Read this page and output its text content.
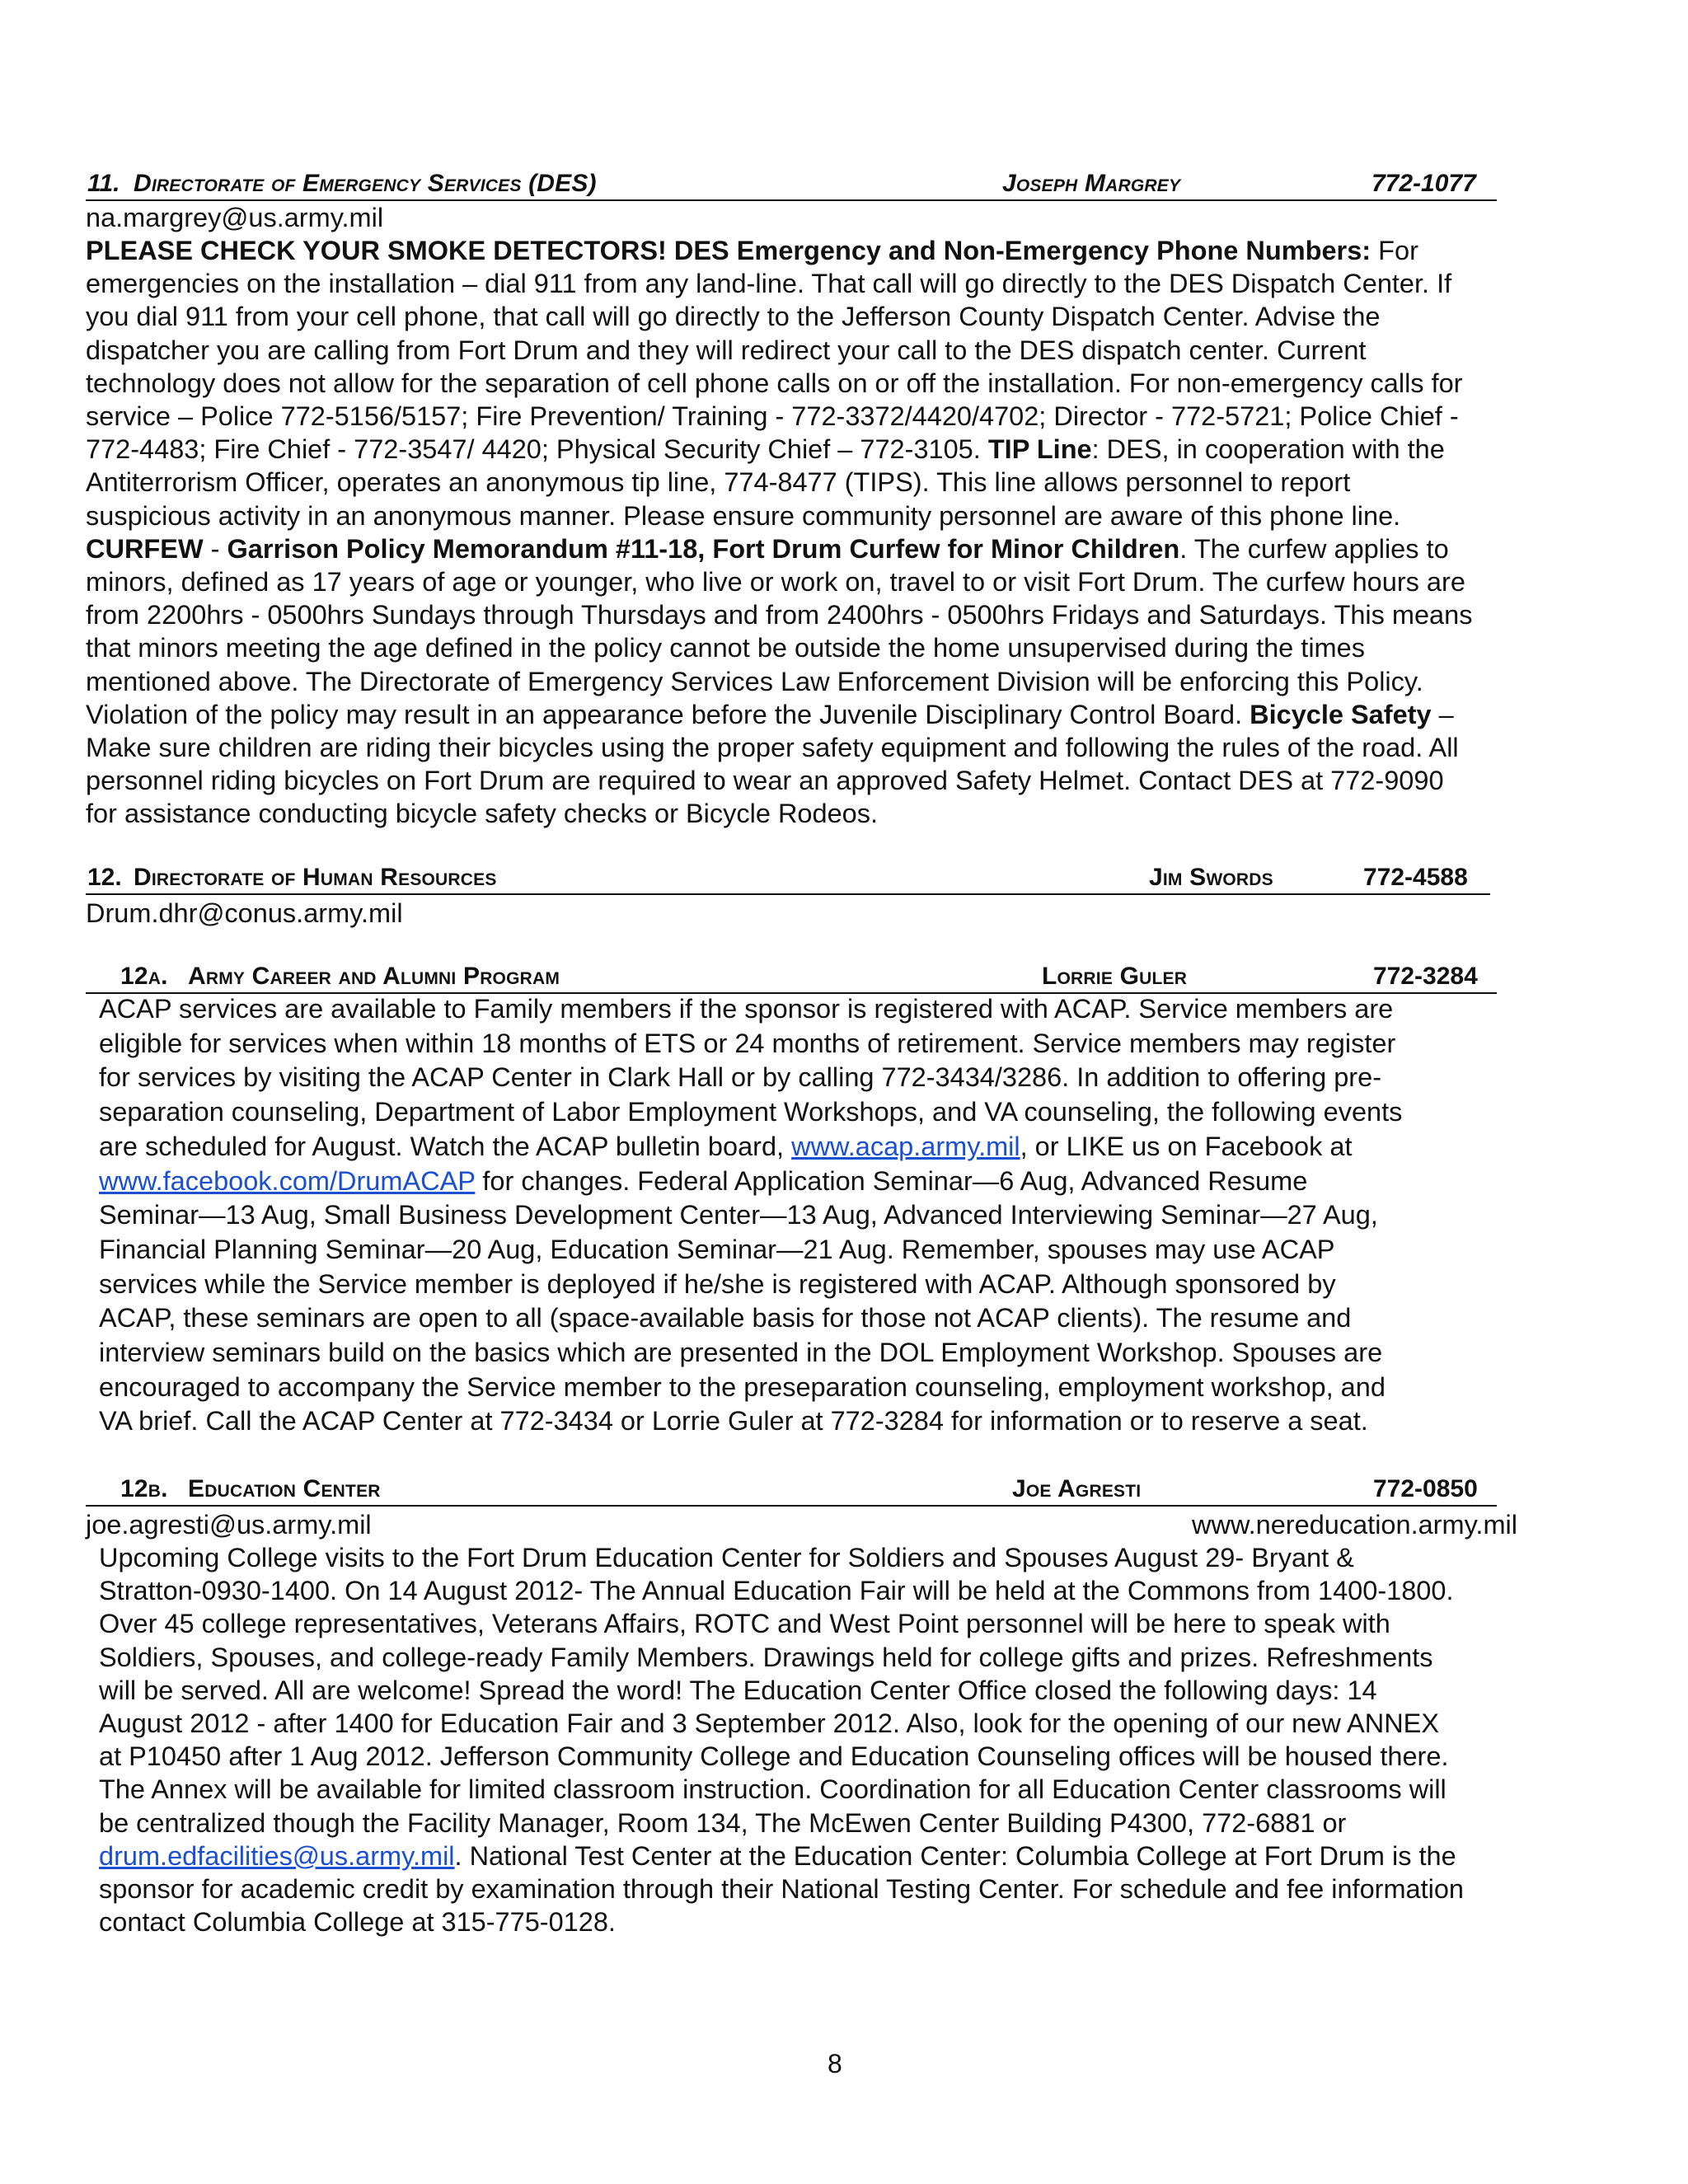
11. Directorate of Emergency Services (DES)	Joseph Margrey	772-1077
na.margrey@us.army.mil
PLEASE CHECK YOUR SMOKE DETECTORS! DES Emergency and Non-Emergency Phone Numbers: For
emergencies on the installation – dial 911 from any land-line. That call will go directly to the DES Dispatch Center. If
you dial 911 from your cell phone, that call will go directly to the Jefferson County Dispatch Center. Advise the
dispatcher you are calling from Fort Drum and they will redirect your call to the DES dispatch center. Current
technology does not allow for the separation of cell phone calls on or off the installation. For non-emergency calls for
service – Police 772-5156/5157; Fire Prevention/ Training - 772-3372/4420/4702; Director - 772-5721; Police Chief -
772-4483; Fire Chief - 772-3547/ 4420; Physical Security Chief – 772-3105. TIP Line: DES, in cooperation with the
Antiterrorism Officer, operates an anonymous tip line, 774-8477 (TIPS). This line allows personnel to report
suspicious activity in an anonymous manner. Please ensure community personnel are aware of this phone line.
CURFEW - Garrison Policy Memorandum #11-18, Fort Drum Curfew for Minor Children. The curfew applies to
minors, defined as 17 years of age or younger, who live or work on, travel to or visit Fort Drum. The curfew hours are
from 2200hrs - 0500hrs Sundays through Thursdays and from 2400hrs - 0500hrs Fridays and Saturdays. This means
that minors meeting the age defined in the policy cannot be outside the home unsupervised during the times
mentioned above. The Directorate of Emergency Services Law Enforcement Division will be enforcing this Policy.
Violation of the policy may result in an appearance before the Juvenile Disciplinary Control Board. Bicycle Safety –
Make sure children are riding their bicycles using the proper safety equipment and following the rules of the road. All
personnel riding bicycles on Fort Drum are required to wear an approved Safety Helmet. Contact DES at 772-9090
for assistance conducting bicycle safety checks or Bicycle Rodeos.
12. Directorate of Human Resources	Jim Swords	772-4588
Drum.dhr@conus.army.mil
12a. Army Career and Alumni Program	Lorrie Guler	772-3284
ACAP services are available to Family members if the sponsor is registered with ACAP. Service members are
eligible for services when within 18 months of ETS or 24 months of retirement. Service members may register
for services by visiting the ACAP Center in Clark Hall or by calling 772-3434/3286. In addition to offering pre-
separation counseling, Department of Labor Employment Workshops, and VA counseling, the following events
are scheduled for August. Watch the ACAP bulletin board, www.acap.army.mil, or LIKE us on Facebook at
www.facebook.com/DrumACAP for changes. Federal Application Seminar—6 Aug, Advanced Resume
Seminar—13 Aug, Small Business Development Center—13 Aug, Advanced Interviewing Seminar—27 Aug,
Financial Planning Seminar—20 Aug, Education Seminar—21 Aug. Remember, spouses may use ACAP
services while the Service member is deployed if he/she is registered with ACAP. Although sponsored by
ACAP, these seminars are open to all (space-available basis for those not ACAP clients). The resume and
interview seminars build on the basics which are presented in the DOL Employment Workshop. Spouses are
encouraged to accompany the Service member to the preseparation counseling, employment workshop, and
VA brief. Call the ACAP Center at 772-3434 or Lorrie Guler at 772-3284 for information or to reserve a seat.
12b. Education Center	Joe Agresti	772-0850
joe.agresti@us.army.mil	www.nereducation.army.mil
Upcoming College visits to the Fort Drum Education Center for Soldiers and Spouses August 29- Bryant &
Stratton-0930-1400. On 14 August 2012- The Annual Education Fair will be held at the Commons from 1400-1800.
Over 45 college representatives, Veterans Affairs, ROTC and West Point personnel will be here to speak with
Soldiers, Spouses, and college-ready Family Members. Drawings held for college gifts and prizes. Refreshments
will be served. All are welcome! Spread the word! The Education Center Office closed the following days: 14
August 2012 - after 1400 for Education Fair and 3 September 2012. Also, look for the opening of our new ANNEX
at P10450 after 1 Aug 2012. Jefferson Community College and Education Counseling offices will be housed there.
The Annex will be available for limited classroom instruction. Coordination for all Education Center classrooms will
be centralized though the Facility Manager, Room 134, The McEwen Center Building P4300, 772-6881 or
drum.edfacilities@us.army.mil. National Test Center at the Education Center: Columbia College at Fort Drum is the
sponsor for academic credit by examination through their National Testing Center. For schedule and fee information
contact Columbia College at 315-775-0128.
8
